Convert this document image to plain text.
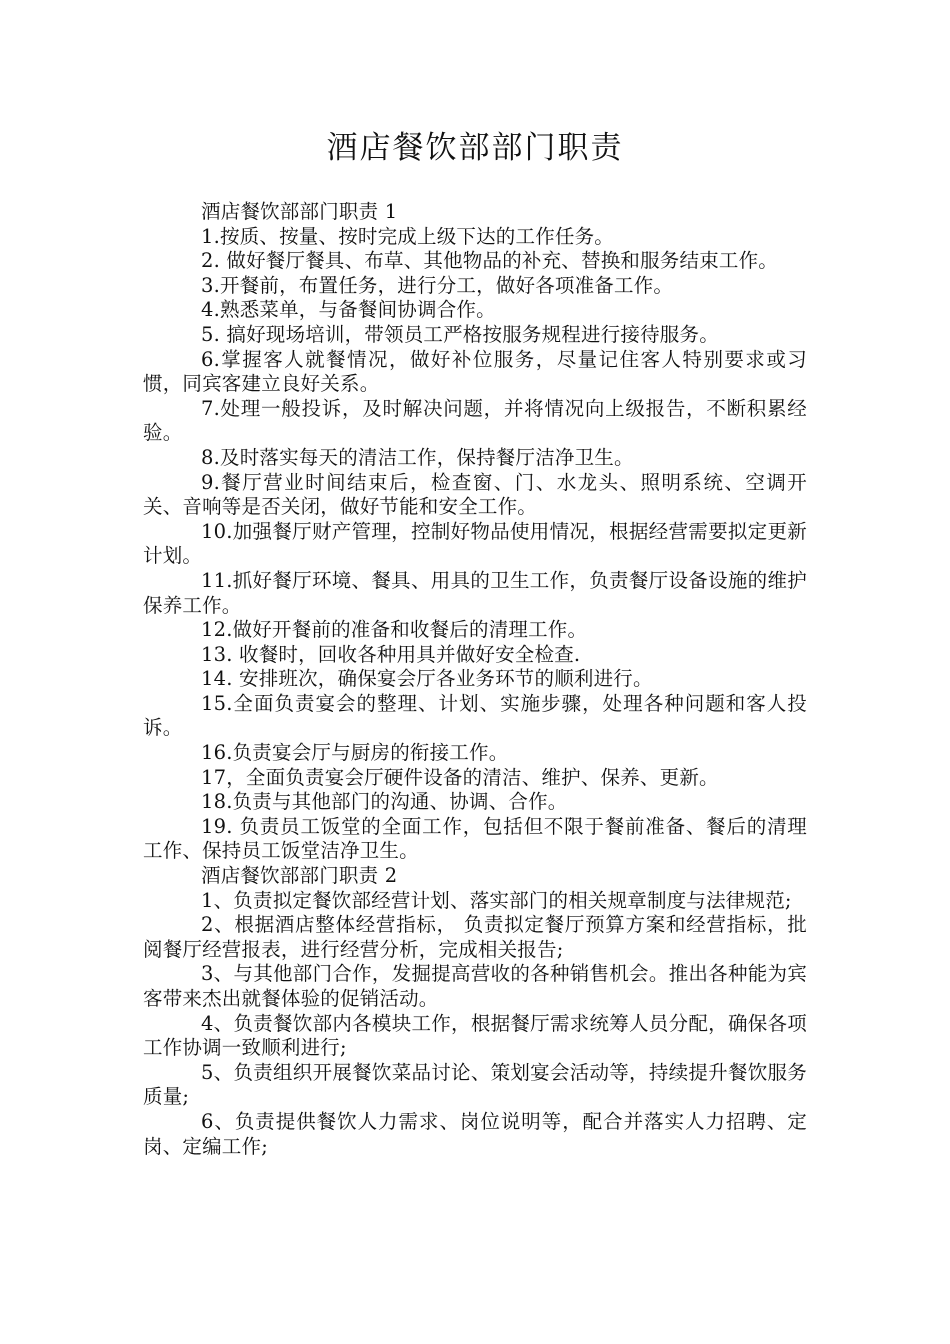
酒店餐饮部部门职责

酒店餐饮部部门职责 1

1.按质、按量、按时完成上级下达的工作任务。

2. 做好餐厅餐具、布草、其他物品的补充、替换和服务结束工作。

3.开餐前，布置任务，进行分工，做好各项准备工作。

4.熟悉菜单，与备餐间协调合作。

5. 搞好现场培训，带领员工严格按服务规程进行接待服务。

6.掌握客人就餐情况，做好补位服务，尽量记住客人特别要求或习惯，同宾客建立良好关系。

7.处理一般投诉，及时解决问题，并将情况向上级报告，不断积累经验。

8.及时落实每天的清洁工作，保持餐厅洁净卫生。

9.餐厅营业时间结束后，检查窗、门、水龙头、照明系统、空调开关、音响等是否关闭，做好节能和安全工作。

10.加强餐厅财产管理，控制好物品使用情况，根据经营需要拟定更新计划。

11.抓好餐厅环境、餐具、用具的卫生工作，负责餐厅设备设施的维护保养工作。

12.做好开餐前的准备和收餐后的清理工作。

13. 收餐时，回收各种用具并做好安全检查.

14. 安排班次，确保宴会厅各业务环节的顺利进行。

15.全面负责宴会的整理、计划、实施步骤，处理各种问题和客人投诉。

16.负责宴会厅与厨房的衔接工作。

17，全面负责宴会厅硬件设备的清洁、维护、保养、更新。

18.负责与其他部门的沟通、协调、合作。

19. 负责员工饭堂的全面工作，包括但不限于餐前准备、餐后的清理工作、保持员工饭堂洁净卫生。

酒店餐饮部部门职责 2

1、负责拟定餐饮部经营计划、落实部门的相关规章制度与法律规范;

2、根据酒店整体经营指标， 负责拟定餐厅预算方案和经营指标，批阅餐厅经营报表，进行经营分析，完成相关报告;

3、与其他部门合作，发掘提高营收的各种销售机会。推出各种能为宾客带来杰出就餐体验的促销活动。

4、负责餐饮部内各模块工作，根据餐厅需求统筹人员分配，确保各项工作协调一致顺利进行;

5、负责组织开展餐饮菜品讨论、策划宴会活动等，持续提升餐饮服务质量;

6、负责提供餐饮人力需求、岗位说明等，配合并落实人力招聘、定岗、定编工作;
